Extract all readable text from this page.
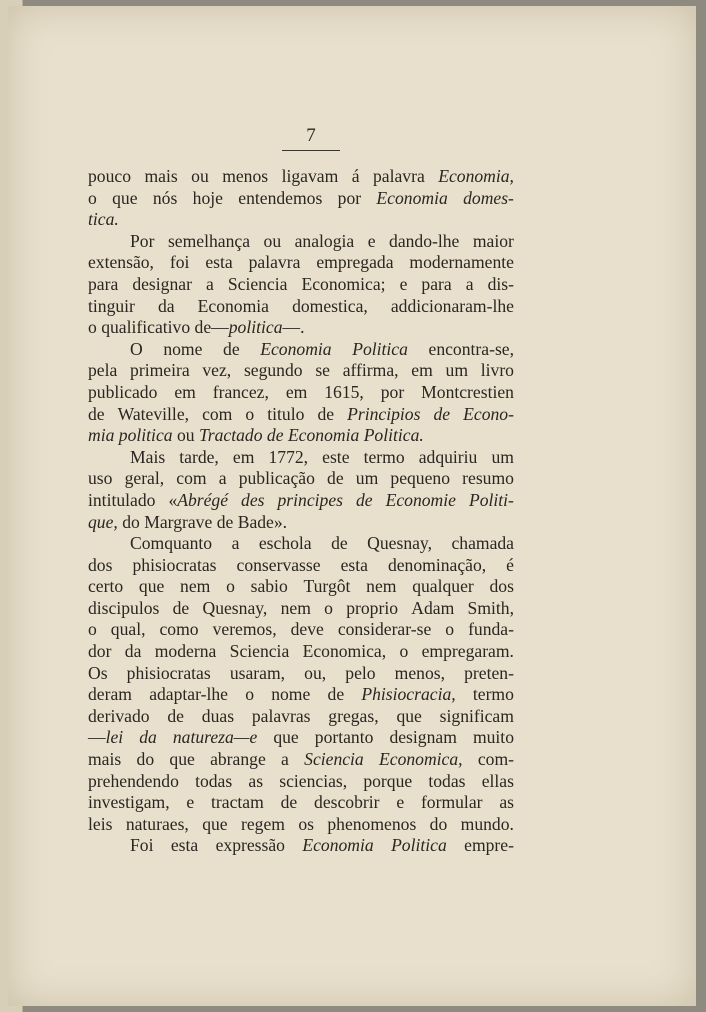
7
pouco mais ou menos ligavam á palavra Economia,
o que nós hoje entendemos por Economia domes-
tica.
Por semelhança ou analogia e dando-lhe maior
extensão, foi esta palavra empregada modernamente
para designar a Sciencia Economica; e para a dis-
tinguir da Economia domestica, addicionaram-lhe
o
qualificativo
de—politica—.
O nome de Economia Politica encontra-se,
pela primeira vez, segundo se affirma, em um livro
publicado em francez, em 1615, por Montcrestien
de Wateville, com o titulo de Principios de Econo-
mia
politica
ou
Tractado
de
Economia
Politica.
Mais tarde, em 1772, este termo adquiriu um
uso geral, com a publicação de um pequeno resumo
intitulado «Abrégé des principes de Economie Politi-
que,
do
Margrave
de
Bade».
Comquanto a eschola de Quesnay, chamada
dos phisiocratas conservasse esta denominação, é
certo que nem o sabio Turgôt nem qualquer dos
discipulos de Quesnay, nem o proprio Adam Smith,
o qual, como veremos, deve considerar-se o funda-
dor da moderna Sciencia Economica, o empregaram.
Os phisiocratas usaram, ou, pelo menos, preten-
deram adaptar-lhe o nome de Phisiocracia, termo
derivado de duas palavras gregas, que significam
—lei da natureza—e que portanto designam muito
mais do que abrange a Sciencia Economica, com-
prehendendo todas as sciencias, porque todas ellas
investigam, e tractam de descobrir e formular as
leis naturaes, que regem os phenomenos do mundo.
Foi esta expressão Economia Politica empre-
